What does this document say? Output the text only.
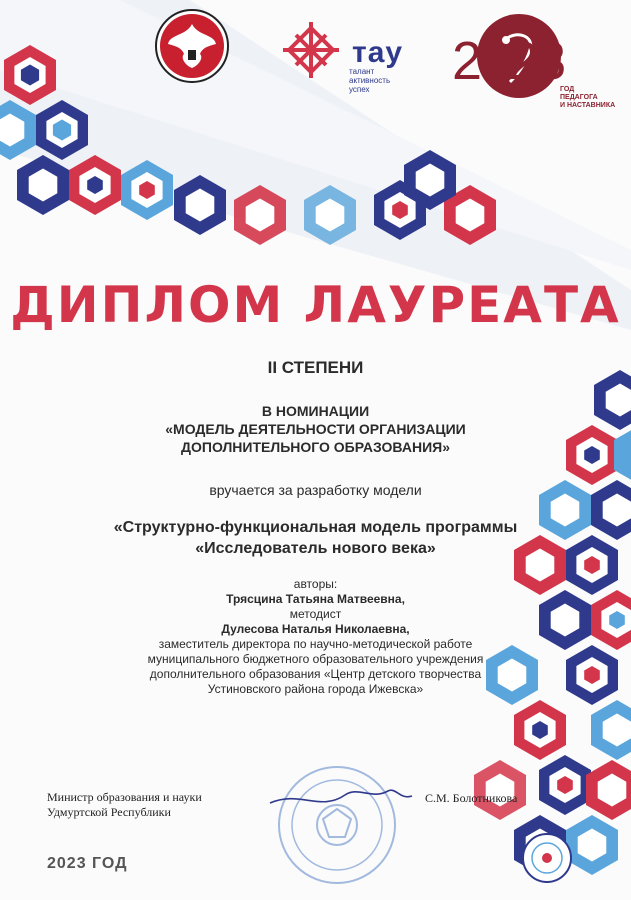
тау
талант
активность
успех	2023
ГОД
ПЕДАГОГА
И НАСТАВНИКА
ДИПЛОМ ЛАУРЕАТА
II СТЕПЕНИ
В НОМИНАЦИИ
«МОДЕЛЬ ДЕЯТЕЛЬНОСТИ ОРГАНИЗАЦИИ
ДОПОЛНИТЕЛЬНОГО ОБРАЗОВАНИЯ»
вручается за разработку модели
«Структурно-функциональная модель программы
«Исследователь нового века»
авторы:
Трясцина Татьяна Матвеевна,
методист
Дулесова Наталья Николаевна,
заместитель директора по научно-методической работе
муниципального бюджетного образовательного учреждения
дополнительного образования «Центр детского творчества
Устиновского района города Ижевска»
Министр образования и науки
Удмуртской Республики
С.М. Болотникова
2023 ГОД
